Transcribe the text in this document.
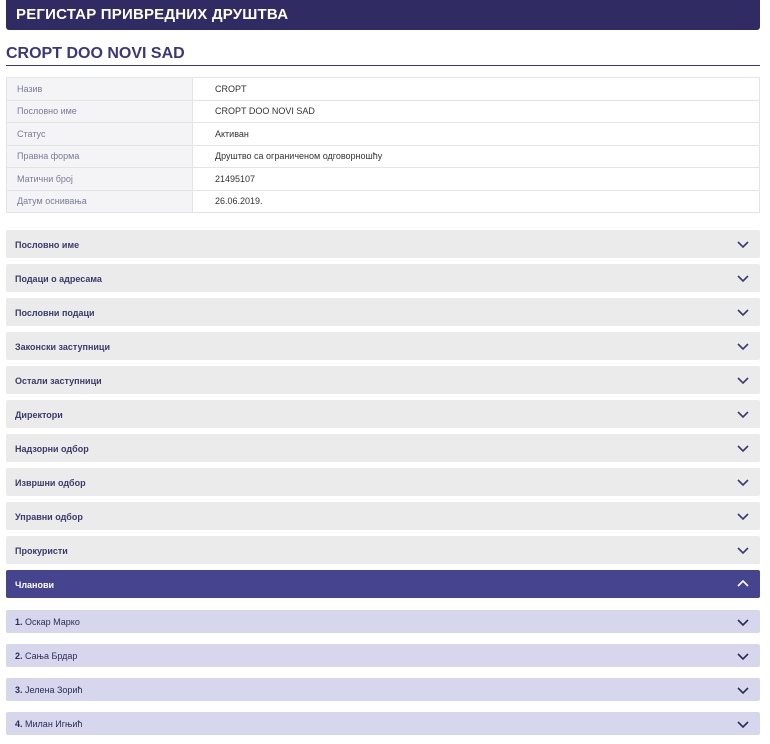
РЕГИСТАР ПРИВРЕДНИХ ДРУШТВА
CROPT DOO NOVI SAD
Назив	CROPT
Пословно име	CROPT DOO NOVI SAD
Статус	Активан
Правна форма	Друштво са ограниченом одговорношћу
Матични број	21495107
Датум оснивања	26.06.2019.
Пословно име
Подаци о адресама
Пословни подаци
Законски заступници
Остали заступници
Директори
Надзорни одбор
Извршни одбор
Управни одбор
Прокуристи
Чланови
1. Оскар Марко
2. Сања Брдар
3. Јелена Зорић
4. Милан Игњић
